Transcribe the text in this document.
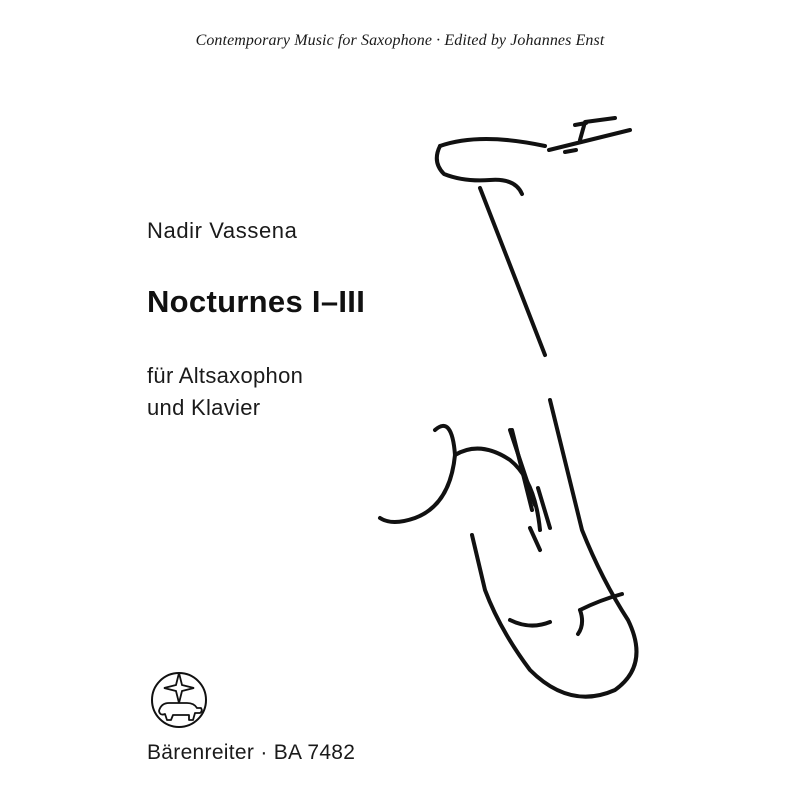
Contemporary Music for Saxophone · Edited by Johannes Enst
Nadir Vassena
Nocturnes I–III
für Altsaxophon
und Klavier
Bärenreiter · BA 7482
